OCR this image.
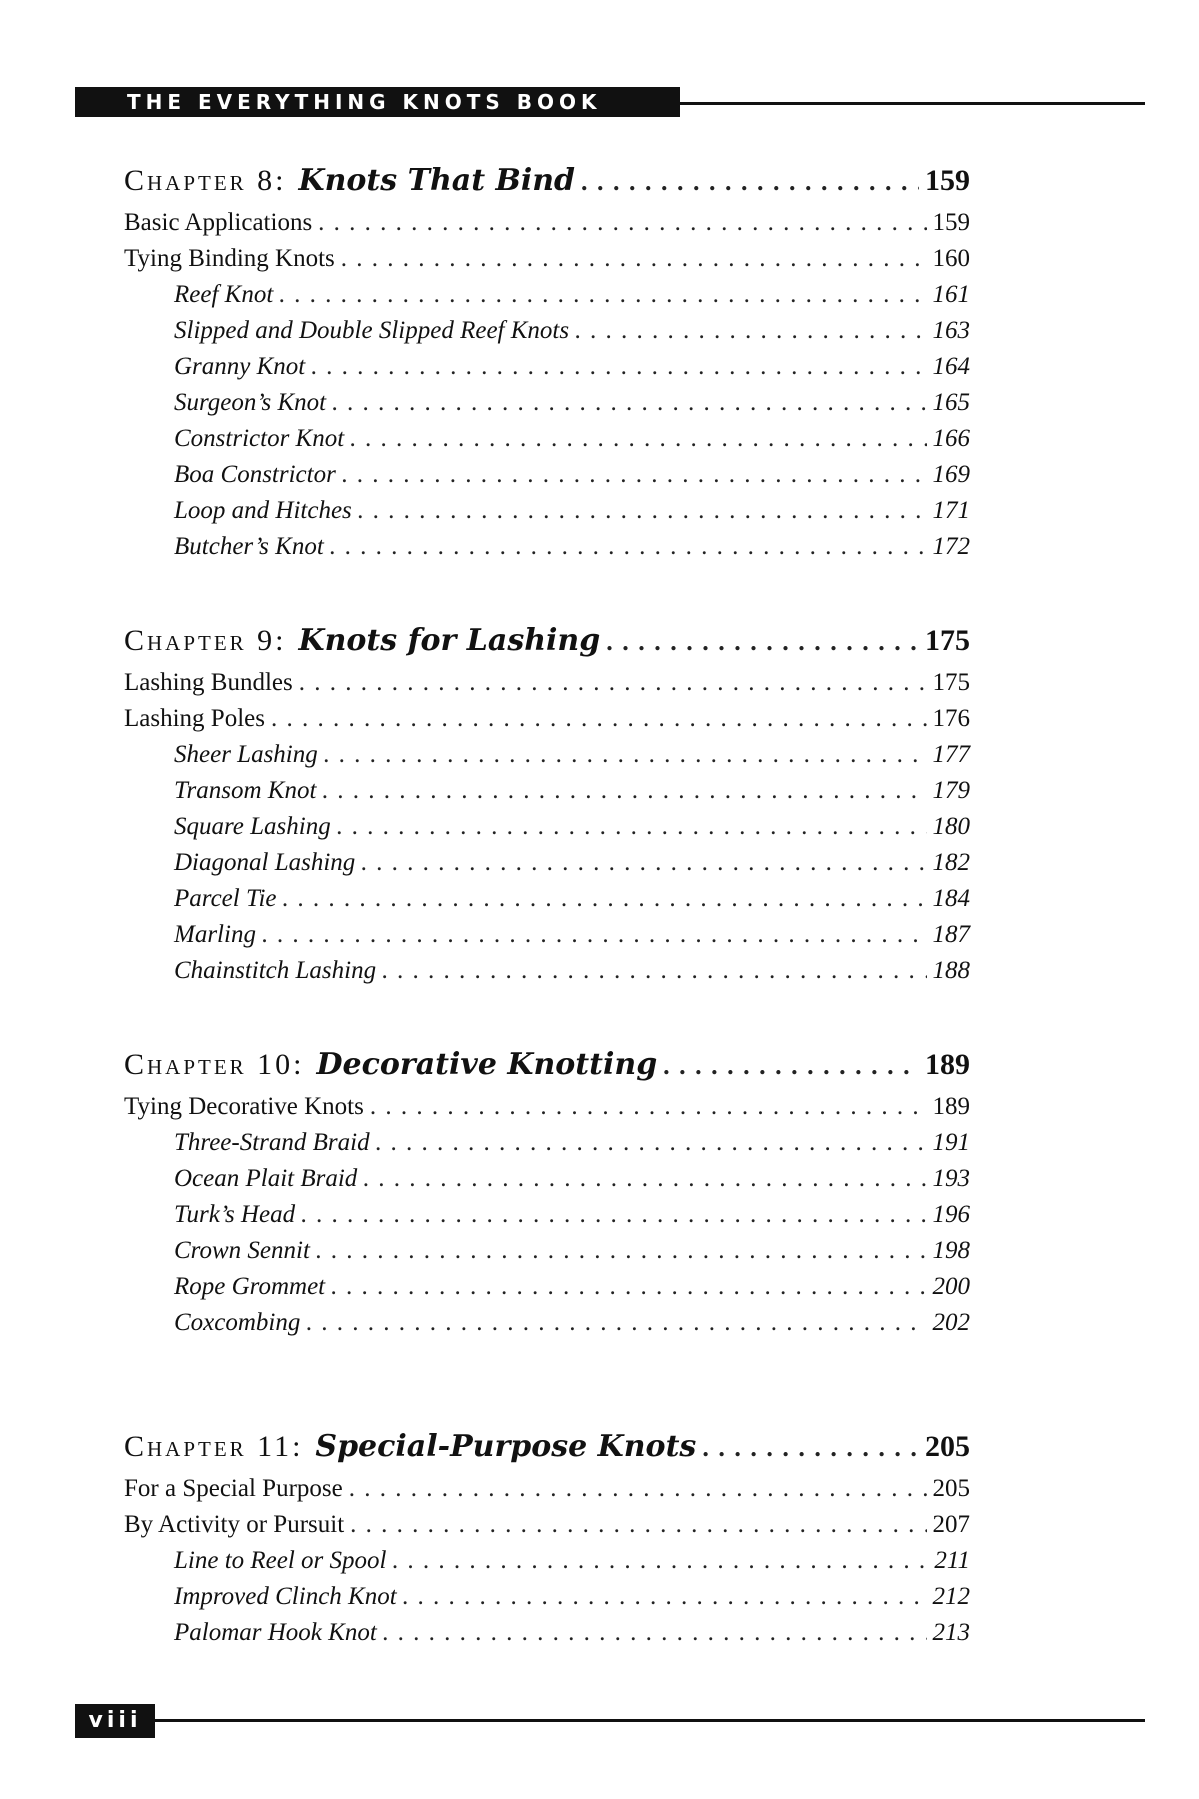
THE EVERYTHING KNOTS BOOK
Chapter 8: Knots That Bind . . .	159
Basic Applications . . .	159
Tying Binding Knots . . .	160
Reef Knot . . .	161
Slipped and Double Slipped Reef Knots . . .	163
Granny Knot . . .	164
Surgeon’s Knot . . .	165
Constrictor Knot . . .	166
Boa Constrictor . . .	169
Loop and Hitches . . .	171
Butcher’s Knot . . .	172
Chapter 9: Knots for Lashing . . .	175
Lashing Bundles . . .	175
Lashing Poles . . .	176
Sheer Lashing . . .	177
Transom Knot . . .	179
Square Lashing . . .	180
Diagonal Lashing . . .	182
Parcel Tie . . .	184
Marling . . .	187
Chainstitch Lashing . . .	188
Chapter 10: Decorative Knotting . . .	189
Tying Decorative Knots . . .	189
Three-Strand Braid . . .	191
Ocean Plait Braid . . .	193
Turk’s Head . . .	196
Crown Sennit . . .	198
Rope Grommet . . .	200
Coxcombing . . .	202
Chapter 11: Special-Purpose Knots . . .	205
For a Special Purpose . . .	205
By Activity or Pursuit . . .	207
Line to Reel or Spool . . .	211
Improved Clinch Knot . . .	212
Palomar Hook Knot . . .	213
viii
